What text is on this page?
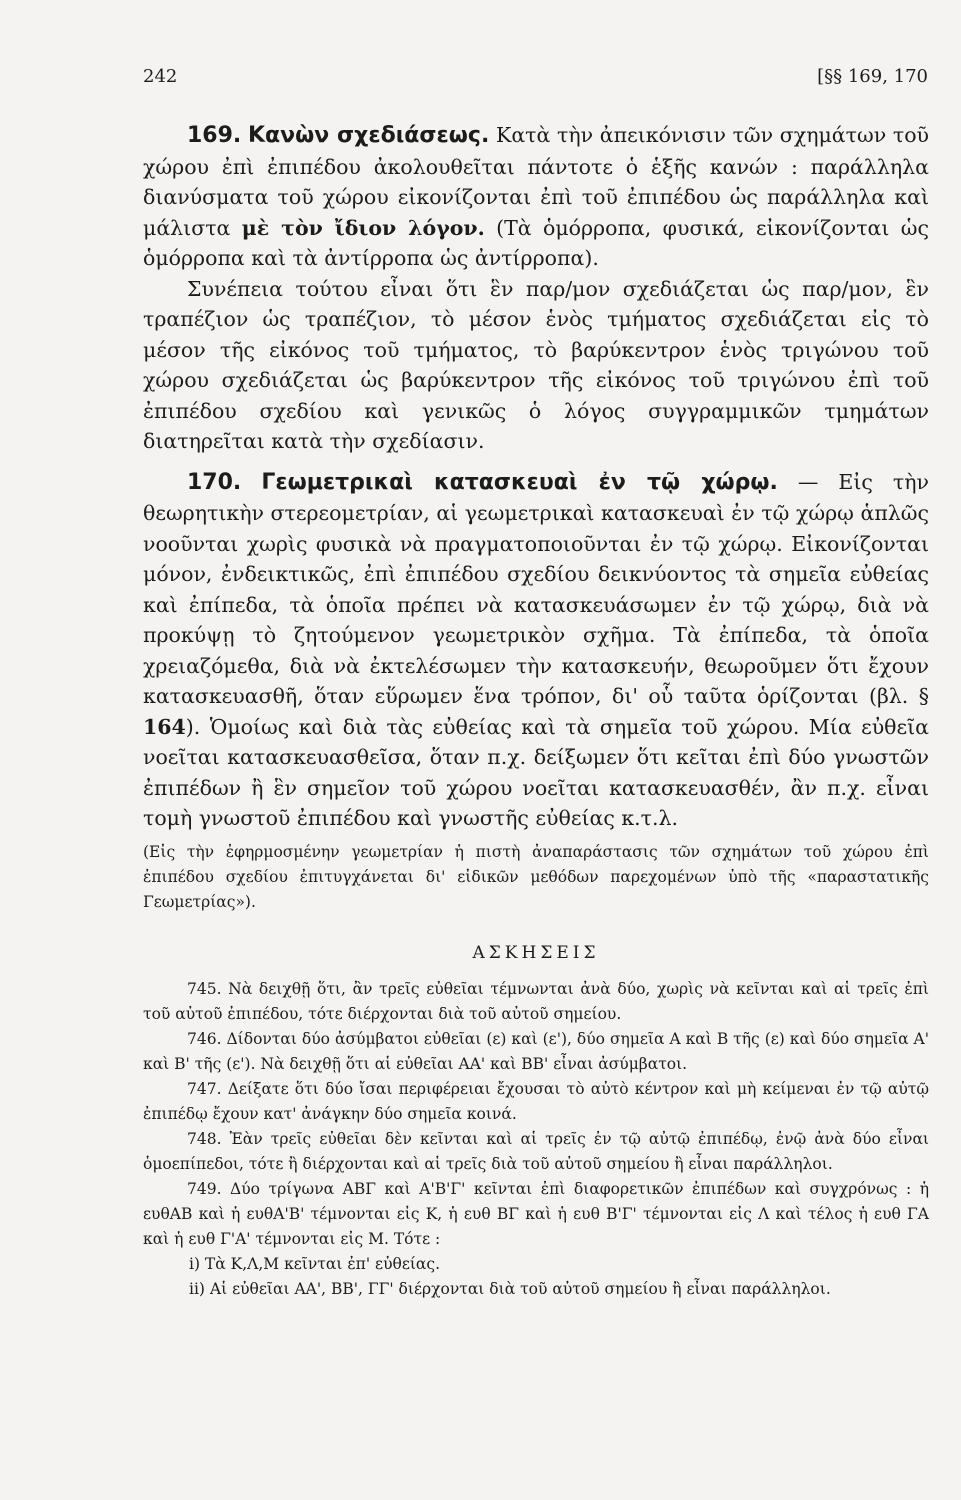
242	[§§ 169, 170

169. Κανὼν σχεδιάσεως. Κατὰ τὴν ἀπεικόνισιν τῶν σχημάτων τοῦ χώρου ἐπὶ ἐπιπέδου ἀκολουθεῖται πάντοτε ὁ ἑξῆς κανών : παράλληλα διανύσματα τοῦ χώρου εἰκονίζονται ἐπὶ τοῦ ἐπιπέδου ὡς παράλληλα καὶ μάλιστα μὲ τὸν ἴδιον λόγον. (Τὰ ὁμόρροπα, φυσικά, εἰκονίζονται ὡς ὁμόρροπα καὶ τὰ ἀντίρροπα ὡς ἀντίρροπα).

Συνέπεια τούτου εἶναι ὅτι ἓν παρ/μον σχεδιάζεται ὡς παρ/μον, ἓν τραπέζιον ὡς τραπέζιον, τὸ μέσον ἑνὸς τμήματος σχεδιάζεται εἰς τὸ μέσον τῆς εἰκόνος τοῦ τμήματος, τὸ βαρύκεντρον ἑνὸς τριγώνου τοῦ χώρου σχεδιάζεται ὡς βαρύκεντρον τῆς εἰκόνος τοῦ τριγώνου ἐπὶ τοῦ ἐπιπέδου σχεδίου καὶ γενικῶς ὁ λόγος συγγραμμικῶν τμημάτων διατηρεῖται κατὰ τὴν σχεδίασιν.

170. Γεωμετρικαὶ κατασκευαὶ ἐν τῷ χώρῳ. — Εἰς τὴν θεωρητικὴν στερεομετρίαν, αἱ γεωμετρικαὶ κατασκευαὶ ἐν τῷ χώρῳ ἁπλῶς νοοῦνται χωρὶς φυσικὰ νὰ πραγματοποιοῦνται ἐν τῷ χώρῳ. Εἰκονίζονται μόνον, ἐνδεικτικῶς, ἐπὶ ἐπιπέδου σχεδίου δεικνύοντος τὰ σημεῖα εὐθείας καὶ ἐπίπεδα, τὰ ὁποῖα πρέπει νὰ κατασκευάσωμεν ἐν τῷ χώρῳ, διὰ νὰ προκύψῃ τὸ ζητούμενον γεωμετρικὸν σχῆμα. Τὰ ἐπίπεδα, τὰ ὁποῖα χρειαζόμεθα, διὰ νὰ ἐκτελέσωμεν τὴν κατασκευήν, θεωροῦμεν ὅτι ἔχουν κατασκευασθῆ, ὅταν εὕρωμεν ἕνα τρόπον, δι' οὗ ταῦτα ὁρίζονται (βλ. § 164). Ὁμοίως καὶ διὰ τὰς εὐθείας καὶ τὰ σημεῖα τοῦ χώρου. Μία εὐθεῖα νοεῖται κατασκευασθεῖσα, ὅταν π.χ. δείξωμεν ὅτι κεῖται ἐπὶ δύο γνωστῶν ἐπιπέδων ἢ ἓν σημεῖον τοῦ χώρου νοεῖται κατασκευασθέν, ἂν π.χ. εἶναι τομὴ γνωστοῦ ἐπιπέδου καὶ γνωστῆς εὐθείας κ.τ.λ.

(Εἰς τὴν ἐφηρμοσμένην γεωμετρίαν ἡ πιστὴ ἀναπαράστασις τῶν σχημάτων τοῦ χώρου ἐπὶ ἐπιπέδου σχεδίου ἐπιτυγχάνεται δι' εἰδικῶν μεθόδων παρεχομένων ὑπὸ τῆς «παραστατικῆς Γεωμετρίας»).

ΑΣΚΗΣΕΙΣ

745. Νὰ δειχθῇ ὅτι, ἂν τρεῖς εὐθεῖαι τέμνωνται ἀνὰ δύο, χωρὶς νὰ κεῖνται καὶ αἱ τρεῖς ἐπὶ τοῦ αὐτοῦ ἐπιπέδου, τότε διέρχονται διὰ τοῦ αὐτοῦ σημείου.

746. Δίδονται δύο ἀσύμβατοι εὐθεῖαι (ε) καὶ (ε'), δύο σημεῖα Α καὶ Β τῆς (ε) καὶ δύο σημεῖα Α' καὶ Β' τῆς (ε'). Νὰ δειχθῇ ὅτι αἱ εὐθεῖαι ΑΑ' καὶ ΒΒ' εἶναι ἀσύμβατοι.

747. Δείξατε ὅτι δύο ἴσαι περιφέρειαι ἔχουσαι τὸ αὐτὸ κέντρον καὶ μὴ κείμεναι ἐν τῷ αὐτῷ ἐπιπέδῳ ἔχουν κατ' ἀνάγκην δύο σημεῖα κοινά.

748. Ἐὰν τρεῖς εὐθεῖαι δὲν κεῖνται καὶ αἱ τρεῖς ἐν τῷ αὐτῷ ἐπιπέδῳ, ἐνῷ ἀνὰ δύο εἶναι ὁμοεπίπεδοι, τότε ἢ διέρχονται καὶ αἱ τρεῖς διὰ τοῦ αὐτοῦ σημείου ἢ εἶναι παράλληλοι.

749. Δύο τρίγωνα ΑΒΓ καὶ Α'Β'Γ' κεῖνται ἐπὶ διαφορετικῶν ἐπιπέδων καὶ συγχρόνως : ἡ ευθΑΒ καὶ ἡ ευθΑ'Β' τέμνονται εἰς Κ, ἡ ευθ ΒΓ καὶ ἡ ευθ Β'Γ' τέμνονται εἰς Λ καὶ τέλος ἡ ευθ ΓΑ καὶ ἡ ευθ Γ'Α' τέμνονται εἰς Μ. Τότε :

i) Τὰ Κ,Λ,Μ κεῖνται ἐπ' εὐθείας.

ii) Αἱ εὐθεῖαι ΑΑ', ΒΒ', ΓΓ' διέρχονται διὰ τοῦ αὐτοῦ σημείου ἢ εἶναι παράλληλοι.
